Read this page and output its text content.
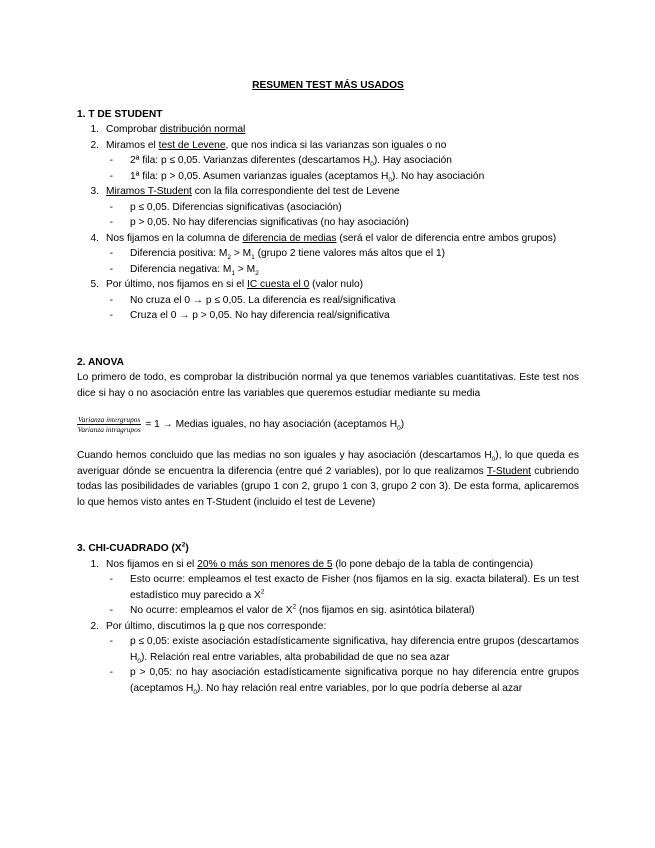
RESUMEN TEST MÁS USADOS
1. T DE STUDENT
1. Comprobar distribución normal
2. Miramos el test de Levene, que nos indica si las varianzas son iguales o no
-	2ª fila: p ≤ 0,05. Varianzas diferentes (descartamos $H_0$). Hay asociación
-	1ª fila: p > 0,05. Asumen varianzas iguales (aceptamos $H_0$). No hay asociación
3. Miramos T-Student con la fila correspondiente del test de Levene
-	p ≤ 0,05. Diferencias significativas (asociación)
-	p > 0,05. No hay diferencias significativas (no hay asociación)
4. Nos fijamos en la columna de diferencia de medias (será el valor de diferencia entre ambos grupos)
-	Diferencia positiva: $M_2 > M_1$ (grupo 2 tiene valores más altos que el 1)
-	Diferencia negativa: $M_1 > M_2$
5. Por último, nos fijamos en si el IC cuesta el 0 (valor nulo)
-	No cruza el 0 → p ≤ 0,05. La diferencia es real/significativa
-	Cruza el 0 → p > 0,05. No hay diferencia real/significativa
2. ANOVA
Lo primero de todo, es comprobar la distribución normal ya que tenemos variables cuantitativas. Este test nos dice si hay o no asociación entre las variables que queremos estudiar mediante su media
$\frac{\text{Varianza intergrupos}}{\text{Varianza intragrupos}} = 1$ → Medias iguales, no hay asociación (aceptamos $H_0$)
Cuando hemos concluido que las medias no son iguales y hay asociación (descartamos $H_0$), lo que queda es averiguar dónde se encuentra la diferencia (entre qué 2 variables), por lo que realizamos T-Student cubriendo todas las posibilidades de variables (grupo 1 con 2, grupo 1 con 3, grupo 2 con 3). De esta forma, aplicaremos lo que hemos visto antes en T-Student (incluido el test de Levene)
3. CHI-CUADRADO $(X^2)$
1. Nos fijamos en si el 20% o más son menores de 5 (lo pone debajo de la tabla de contingencia)
-	Esto ocurre: empleamos el test exacto de Fisher (nos fijamos en la sig. exacta bilateral). Es un test estadístico muy parecido a $X^2$
-	No ocurre: empleamos el valor de $X^2$ (nos fijamos en sig. asintótica bilateral)
2. Por último, discutimos la p que nos corresponde:
-	p ≤ 0,05: existe asociación estadísticamente significativa, hay diferencia entre grupos (descartamos $H_0$). Relación real entre variables, alta probabilidad de que no sea azar
-	p > 0,05: no hay asociación estadísticamente significativa porque no hay diferencia entre grupos (aceptamos $H_0$). No hay relación real entre variables, por lo que podría deberse al azar
